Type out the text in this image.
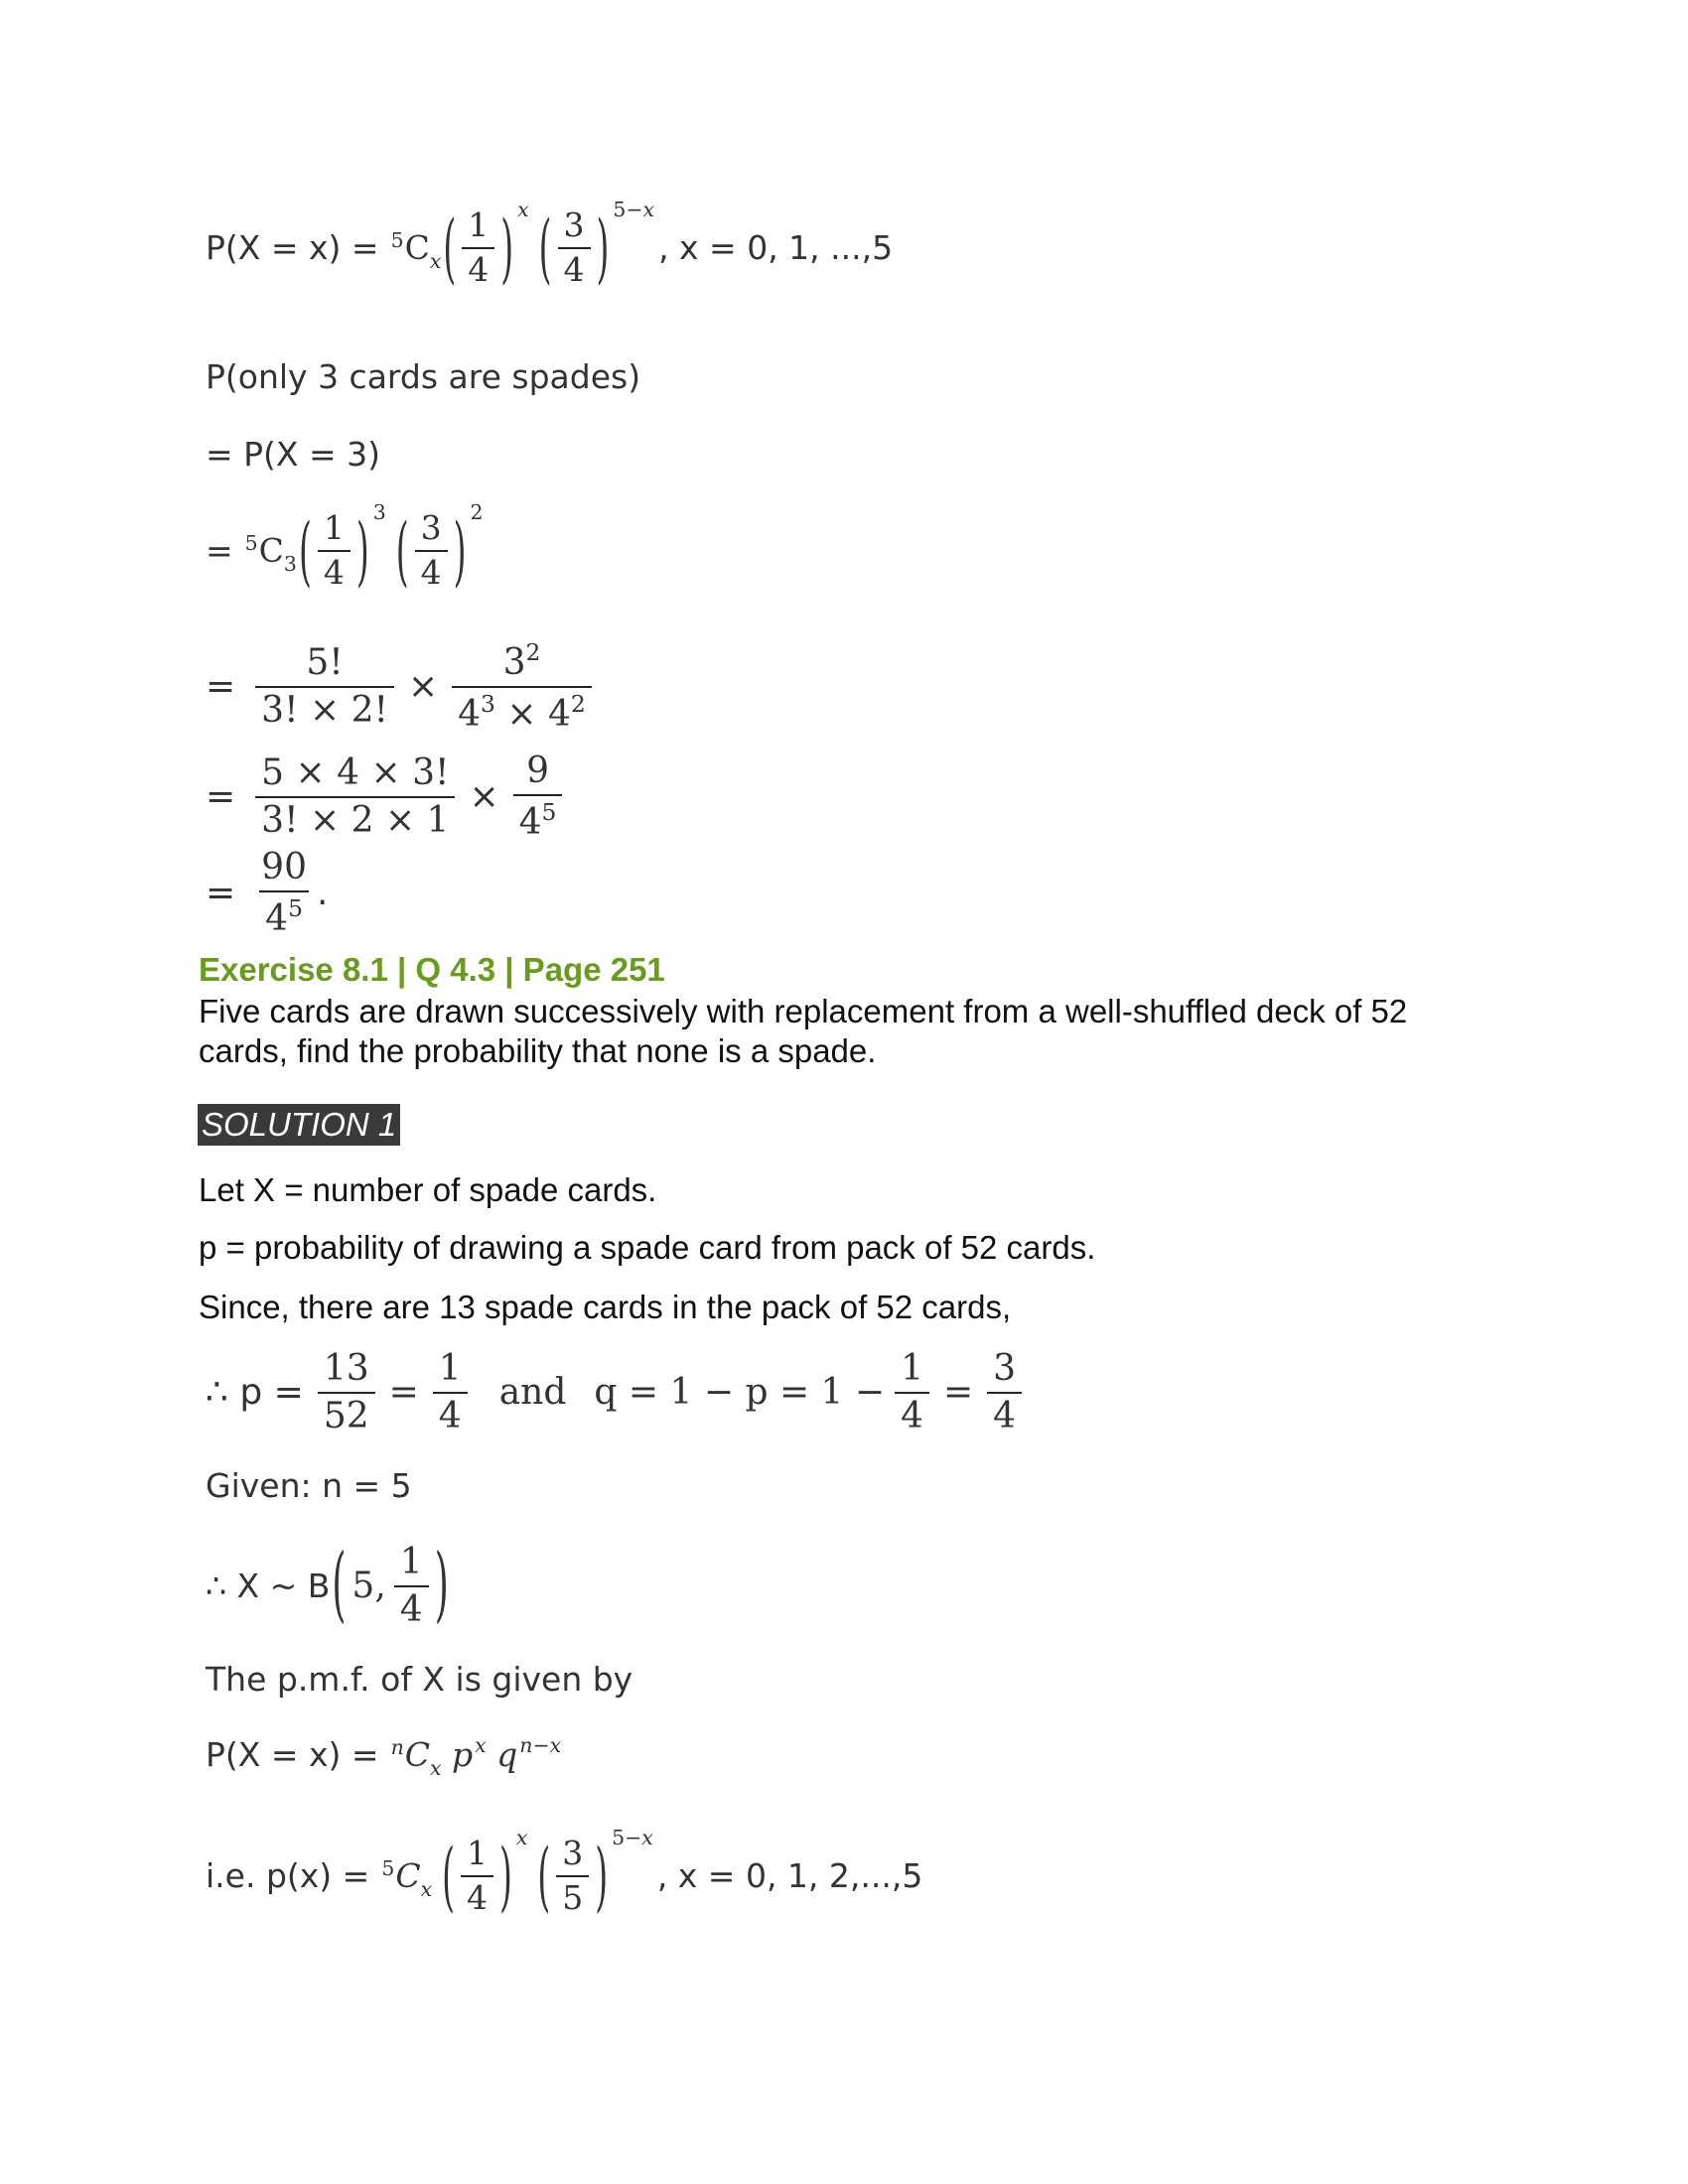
$P(X = x) = ^5C_x$ ( $\frac{1}{4}$ ) x ( $\frac{3}{4}$ ) 5−x
, x = 0, 1, ...,5
P(only 3 cards are spades)
= P(X = 3)
= $^5C_3$ ( $\frac{1}{4}$ ) 3 ( $\frac{3}{4}$ ) 2
= $\frac{5!}{3! \times 2!} \times \frac{3^2}{4^3 \times 4^2}$
= $\frac{5 \times 4 \times 3!}{3! \times 2 \times 1} \times \frac{9}{4^5}$
= $\frac{90}{4^5}$ .
Exercise 8.1 | Q 4.3 | Page 251
Five cards are drawn successively with replacement from a well-shuffled deck of 52
cards, find the probability that none is a spade.
SOLUTION 1
Let X = number of spade cards.
p = probability of drawing a spade card from pack of 52 cards.
Since, there are 13 spade cards in the pack of 52 cards,
∴ $p = \frac{13}{52} = \frac{1}{4}$ and $q = 1 - p = 1 - \frac{1}{4} = \frac{3}{4}$
Given: n = 5
∴ X ~ B ( 5, $\frac{1}{4}$ )
The p.m.f. of X is given by
$P(X = x) = ^nC_x$ $p^x$ $q^{n-x}$
i.e. $p(x) = ^5C_x$ ( $\frac{1}{4}$ ) x ( $\frac{3}{5}$ ) 5−x
, x = 0, 1, 2,...,5
